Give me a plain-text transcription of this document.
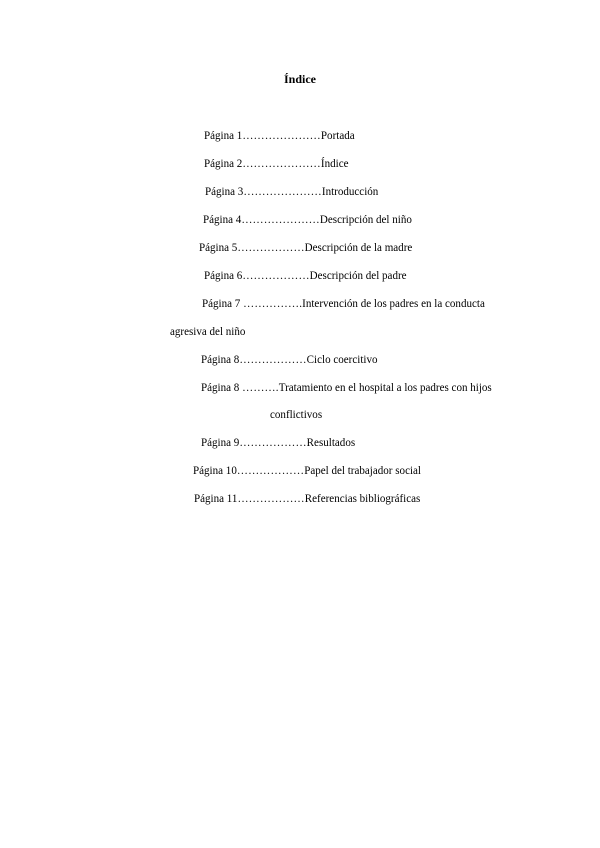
Índice
Página 1…………………Portada
Página 2…………………Índice
Página 3…………………Introducción
Página 4…………………Descripción del niño
Página 5………………Descripción de la madre
Página 6………………Descripción del padre
Página 7 …………….Intervención de los padres en la conducta
agresiva del niño
Página 8………………Ciclo coercitivo
Página 8 ……….Tratamiento en el hospital a los padres con hijos
conflictivos
Página 9………………Resultados
Página 10………………Papel del trabajador social
Página 11………………Referencias bibliográficas
